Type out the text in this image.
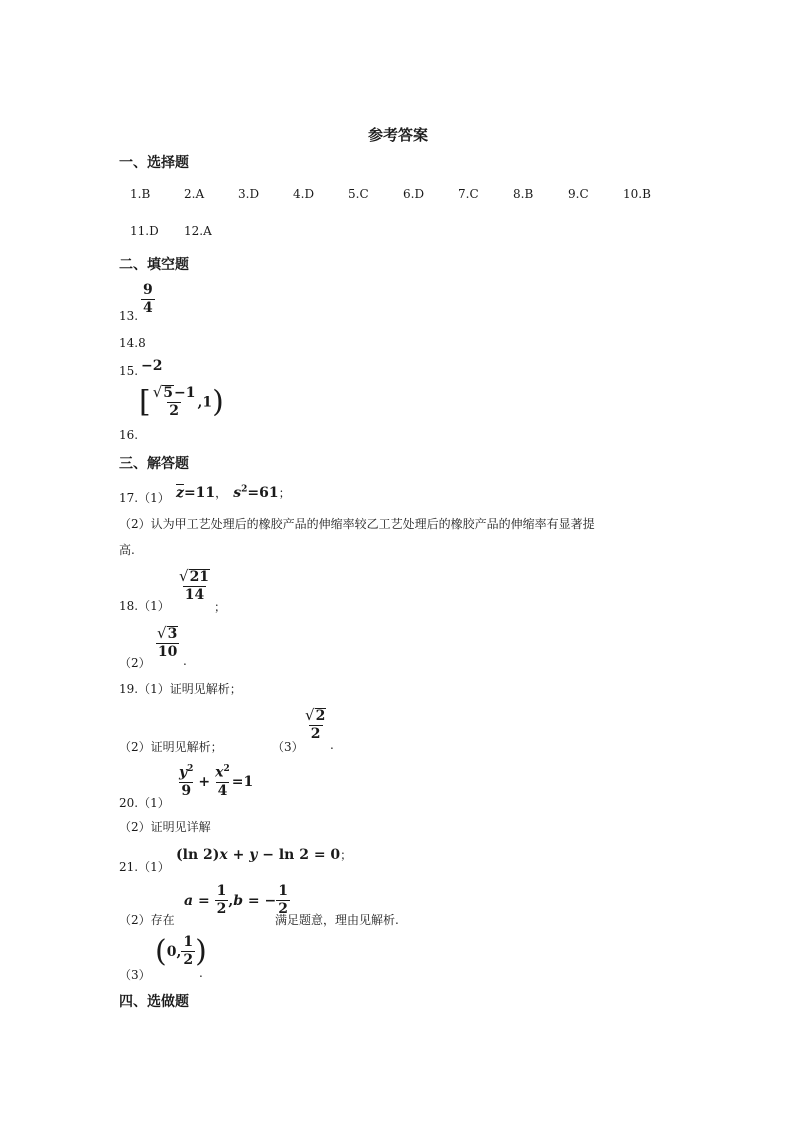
参考答案
一、选择题
1.B	2.A	3.D	4.D	5.C	6.D	7.C	8.B	9.C	10.B
11.D 12.A
二、填空题
13. $\frac{9}{4}$
14.8
15. −2
16.
[ $\frac{√ 5 -1}{2} ,1$)
三、解答题
17.（1） $\overline{z}=11$， $s^2=61$；
（2）认为甲工艺处理后的橡胶产品的伸缩率较乙工艺处理后的橡胶产品的伸缩率有显著提
高.
18.（1）
$\frac{√ 21}{14}$
；
（2）
$\frac{√ 3}{10}$
.
19.（1）证明见解析；
（2）证明见解析；	（3）
$\frac{√ 2}{2}$
.
20.（1）
$\frac{y^2}{9} + \frac{x^2}{4} =1$
（2）证明见详解
21.（1）
(ln 2)x + y − ln 2 = 0；
（2）存在
$a = \frac{1}{2} ,b$ = − $\frac{1}{2}$
满足题意，理由见解析.
（3）
(0, $\frac{1}{2}$ )
.
四、选做题
